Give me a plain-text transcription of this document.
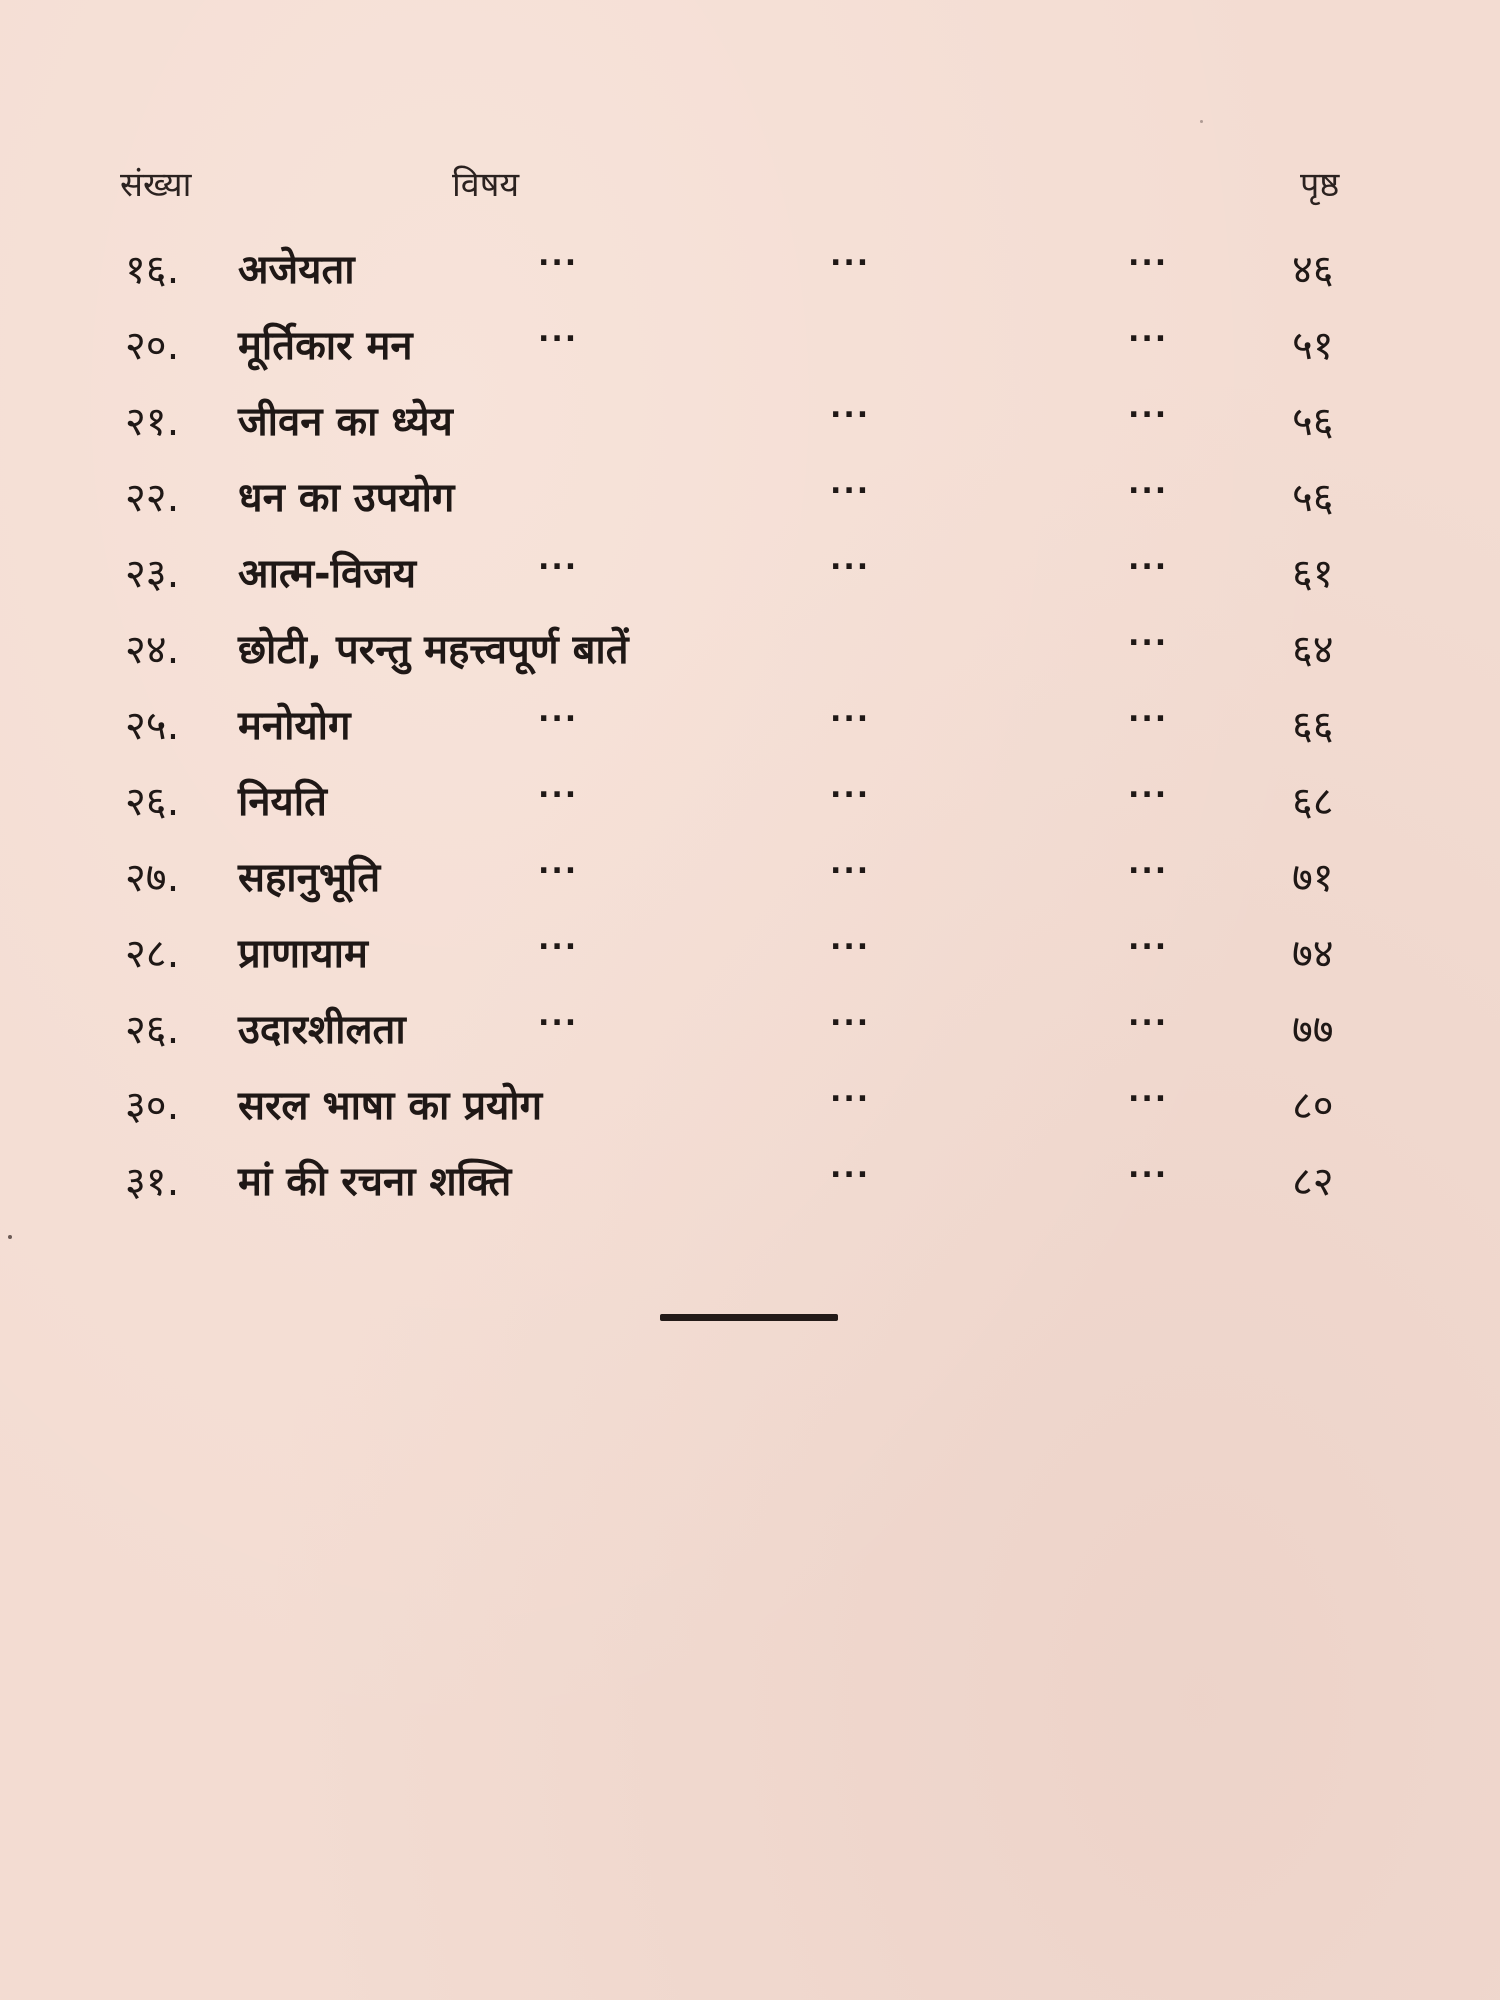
संख्या	विषय	पृष्ठ
१६. अजेयता	...	...	...	४६
२०. मूर्तिकार मन	...	...	५१
२१. जीवन का ध्येय	...	...	५६
२२. धन का उपयोग	...	...	५६
२३. आत्म-विजय	...	...	...	६१
२४. छोटी, परन्तु महत्त्वपूर्ण बातें	...	६४
२५. मनोयोग	...	...	...	६६
२६. नियति	...	...	...	६८
२७. सहानुभूति	...	...	...	७१
२८. प्राणायाम	...	...	...	७४
२६. उदारशीलता	...	...	...	७७
३०. सरल भाषा का प्रयोग	...	...	८०
३१. मां की रचना शक्ति	...	...	८२
